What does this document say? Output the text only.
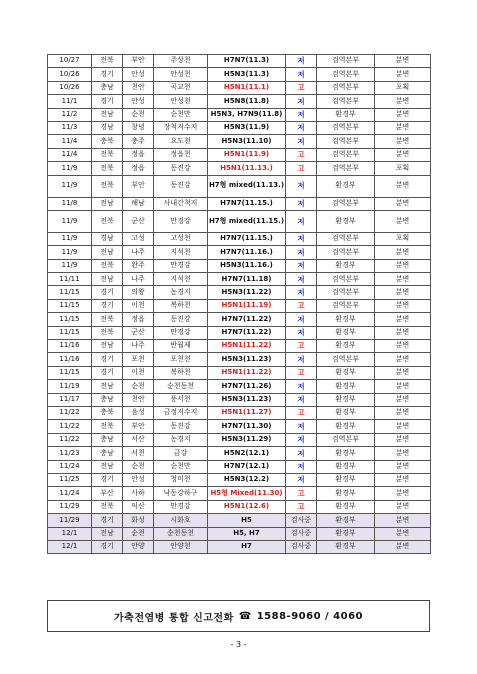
10/27	전북	부안	주상천	H7N7(11.3)	저	검역본부	분변
10/26	경기	안성	안성천	H5N3(11.3)	저	검역본부	분변
10/26	충남	천안	곡교천	H5N1(11.1)	고	검역본부	포획
11/1	경기	안성	안성천	H5N8(11.8)	저	검역본부	분변
11/2	전남	순천	순천만	H5N3, H7N9(11.8)	저	환경부	분변
11/3	경남	창녕	장척저수지	H5N3(11.9)	저	검역본부	분변
11/4	충북	충주	요도천	H5N3(11.10)	저	검역본부	분변
11/4	전북	정읍	정읍천	H5N1(11.9)	고	검역본부	분변
11/9	전북	정읍	동진강	H5N1(11.13.)	고	검역본부	포획
11/9	전북	부안	동진강	H7형 mixed(11.13.)	저	환경부	분변
11/8	전남	해남	사내간척지	H7N7(11.15.)	저	검역본부	분변
11/9	전북	군산	만경강	H7형 mixed(11.15.)	저	환경부	분변
11/9	경남	고성	고성천	H7N7(11.15.)	저	검역본부	포획
11/9	전남	나주	지석천	H7N7(11.16.)	저	검역본부	분변
11/9	전북	완주	만경강	H5N3(11.16.)	저	환경부	분변
11/11	전남	나주	지석천	H7N7(11.18)	저	검역본부	분변
11/15	경기	의왕	농경지	H5N3(11.22)	저	검역본부	분변
11/15	경기	이천	복하천	H5N1(11.19)	고	검역본부	분변
11/15	전북	정읍	동진강	H7N7(11.22)	저	환경부	분변
11/15	전북	군산	만경강	H7N7(11.22)	저	환경부	분변
11/16	전남	나주	반월제	H5N1(11.22)	고	환경부	분변
11/16	경기	포천	포천천	H5N3(11.23)	저	검역본부	분변
11/15	경기	이천	복하천	H5N1(11.22)	고	환경부	분변
11/19	전남	순천	순천동천	H7N7(11.26)	저	환경부	분변
11/17	충남	천안	풍서천	H5N3(11.23)	저	환경부	분변
11/22	충북	음성	금정저수지	H5N1(11.27)	고	환경부	분변
11/22	전북	부안	동진강	H7N7(11.30)	저	환경부	분변
11/22	충남	서산	농경지	H5N3(11.29)	저	검역본부	분변
11/23	충남	서천	금강	H5N2(12.1)	저	환경부	분변
11/24	전남	순천	순천만	H7N7(12.1)	저	환경부	분변
11/25	경기	안성	청미천	H5N3(12.2)	저	환경부	분변
11/24	부산	사하	낙동강하구	H5형 Mixed(11.30)	고	환경부	분변
11/29	전북	익산	만경강	H5N1(12.6)	고	환경부	분변
11/29	경기	화성	시화호	H5	검사중	환경부	분변
12/1	전남	순천	순천동천	H5, H7	검사중	환경부	분변
12/1	경기	안양	안양천	H7	검사중	환경부	분변
가축전염병 통합 신고전화 ☎ 1588-9060 / 4060
- 3 -
